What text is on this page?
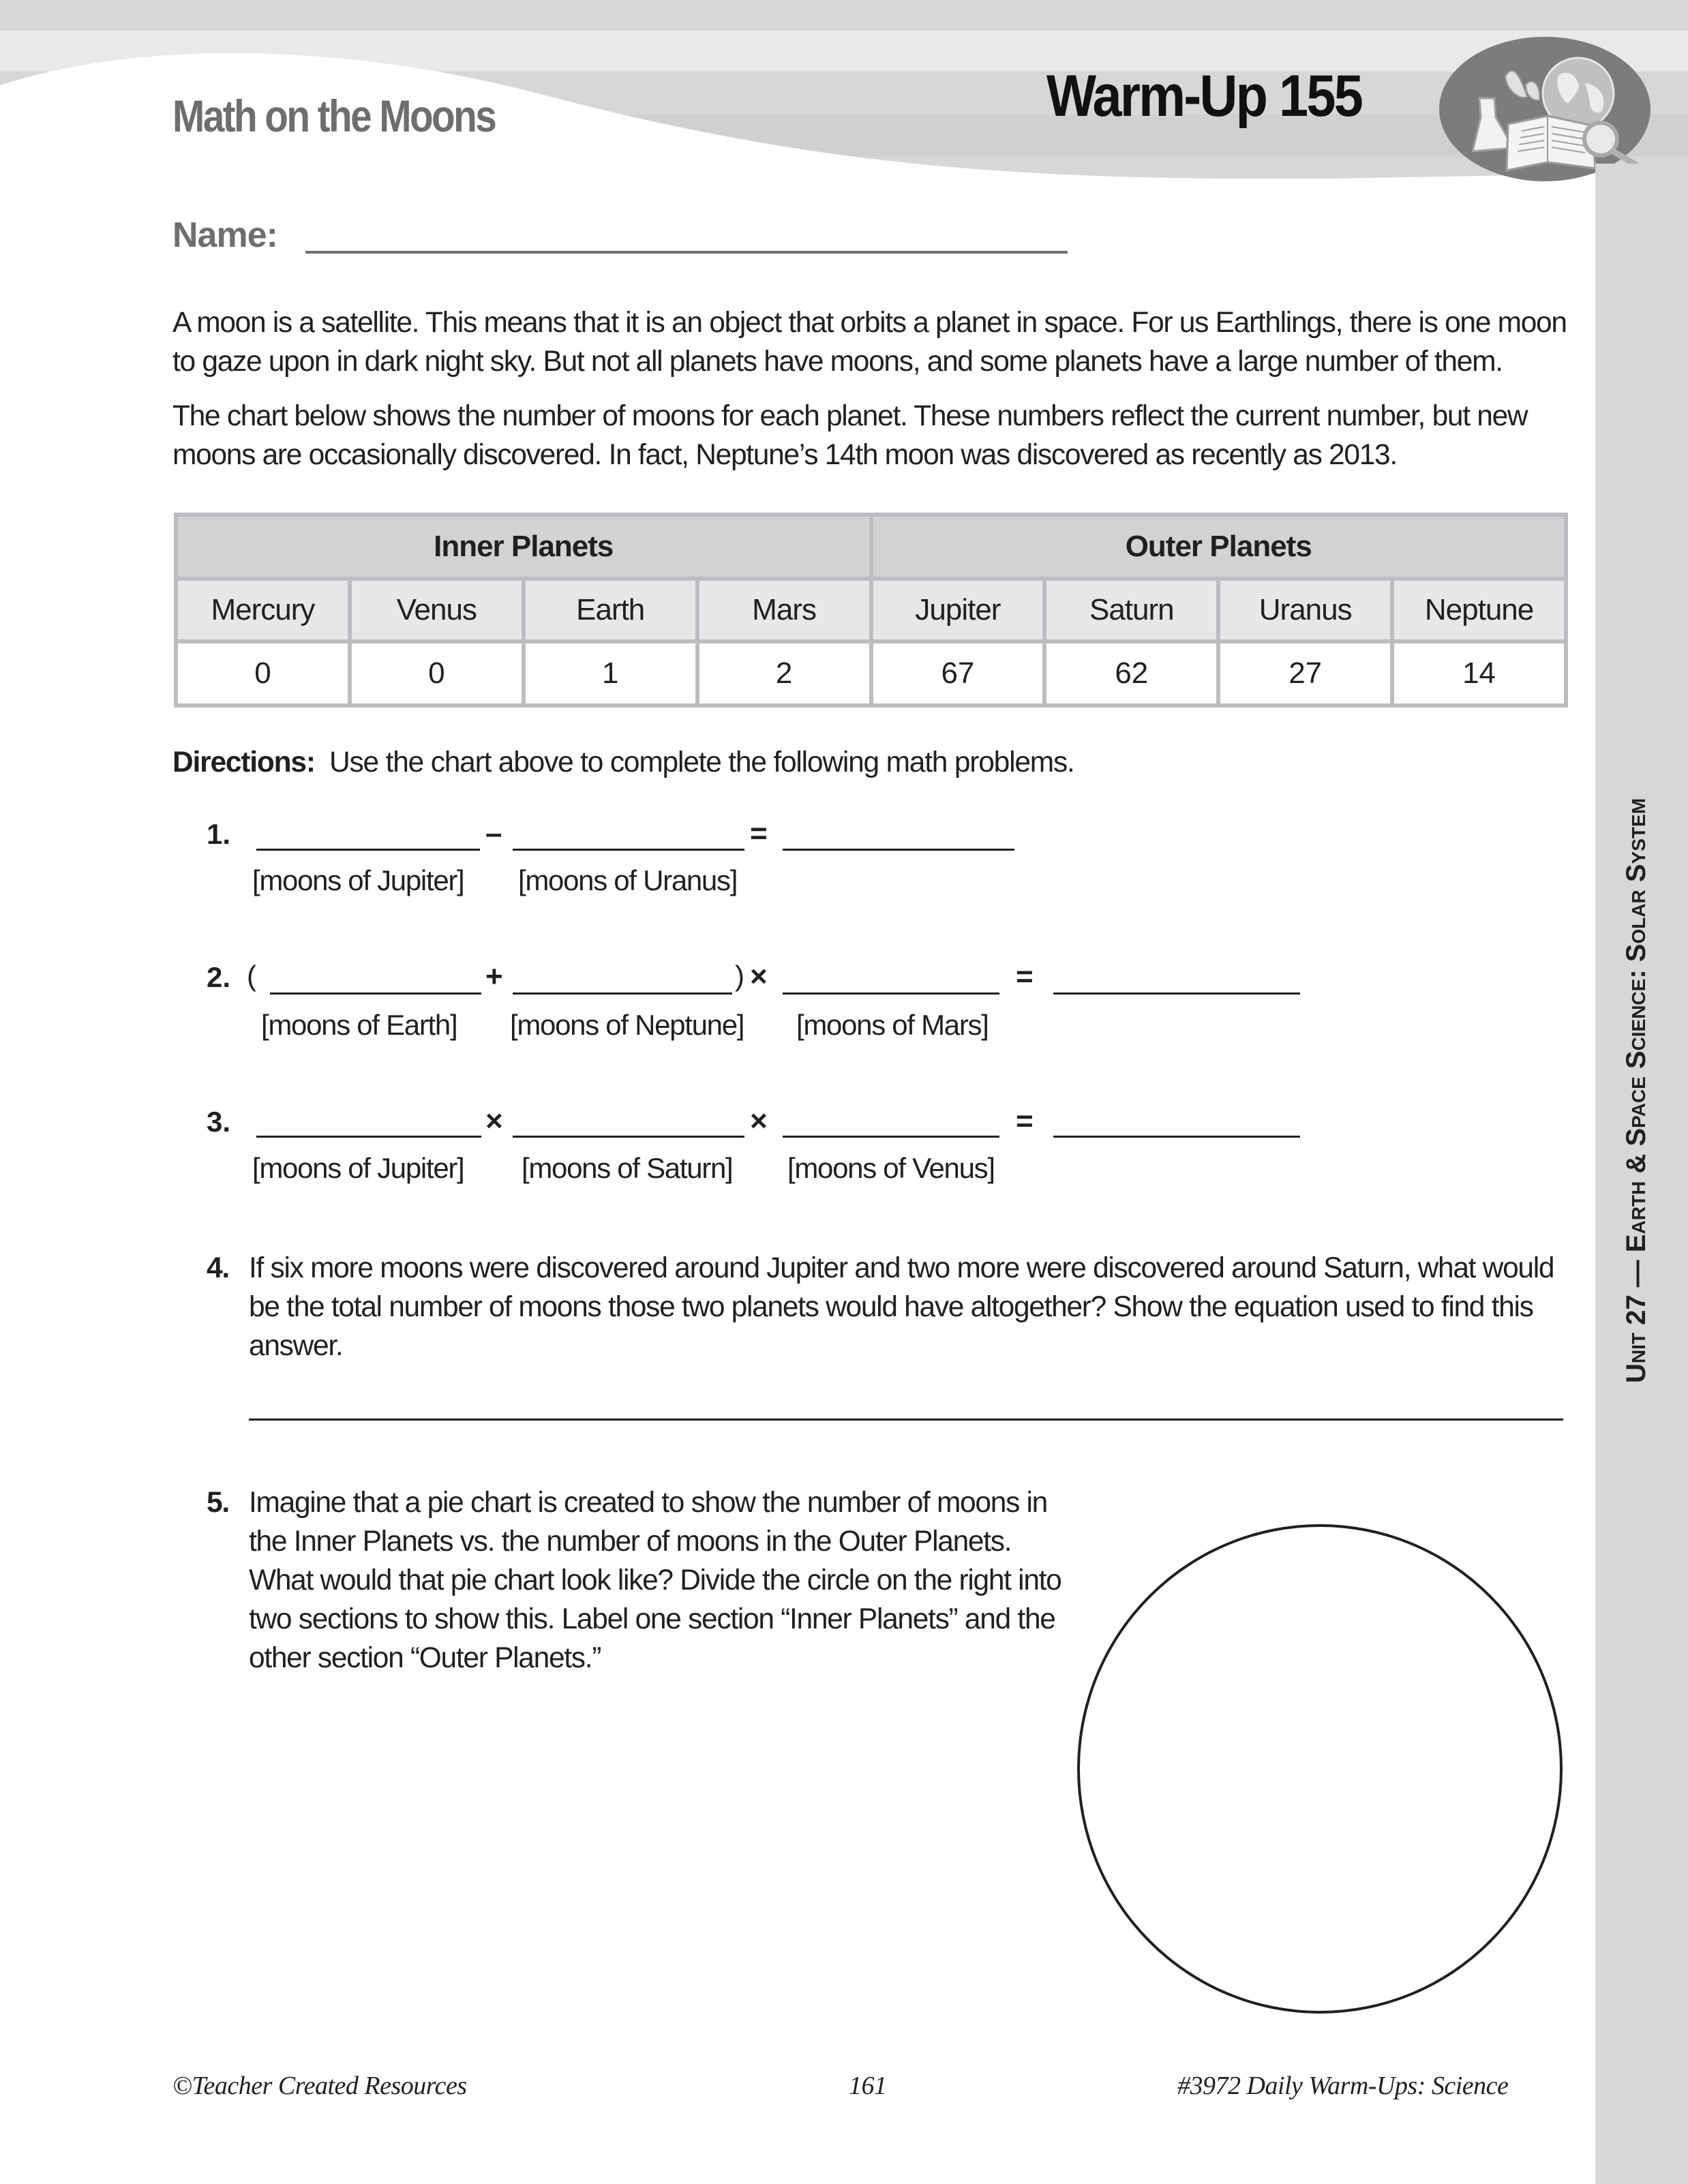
Math on the Moons	Warm-Up 155
Unit 27 — Earth & Space Science: Solar System
Name:
A moon is a satellite. This means that it is an object that orbits a planet in space. For us Earthlings, there is one moon to gaze upon in dark night sky. But not all planets have moons, and some planets have a large number of them.
The chart below shows the number of moons for each planet. These numbers reflect the current number, but new moons are occasionally discovered. In fact, Neptune’s 14th moon was discovered as recently as 2013.
Inner Planets				Outer Planets			
Mercury	Venus	Earth	Mars	Jupiter	Saturn	Uranus	Neptune
0	0	1	2	67	62	27	14
Directions: Use the chart above to complete the following math problems.
1.	–	=
[moons of Jupiter] [moons of Uranus]
2. (	+	) ×	=
[moons of Earth] [moons of Neptune] [moons of Mars]
3.	×	×	=
[moons of Jupiter] [moons of Saturn] [moons of Venus]
4. If six more moons were discovered around Jupiter and two more were discovered around Saturn, what would be the total number of moons those two planets would have altogether? Show the equation used to find this answer.
5. Imagine that a pie chart is created to show the number of moons in the Inner Planets vs. the number of moons in the Outer Planets. What would that pie chart look like? Divide the circle on the right into two sections to show this. Label one section “Inner Planets” and the other section “Outer Planets.”
©Teacher Created Resources	161	#3972 Daily Warm-Ups: Science
